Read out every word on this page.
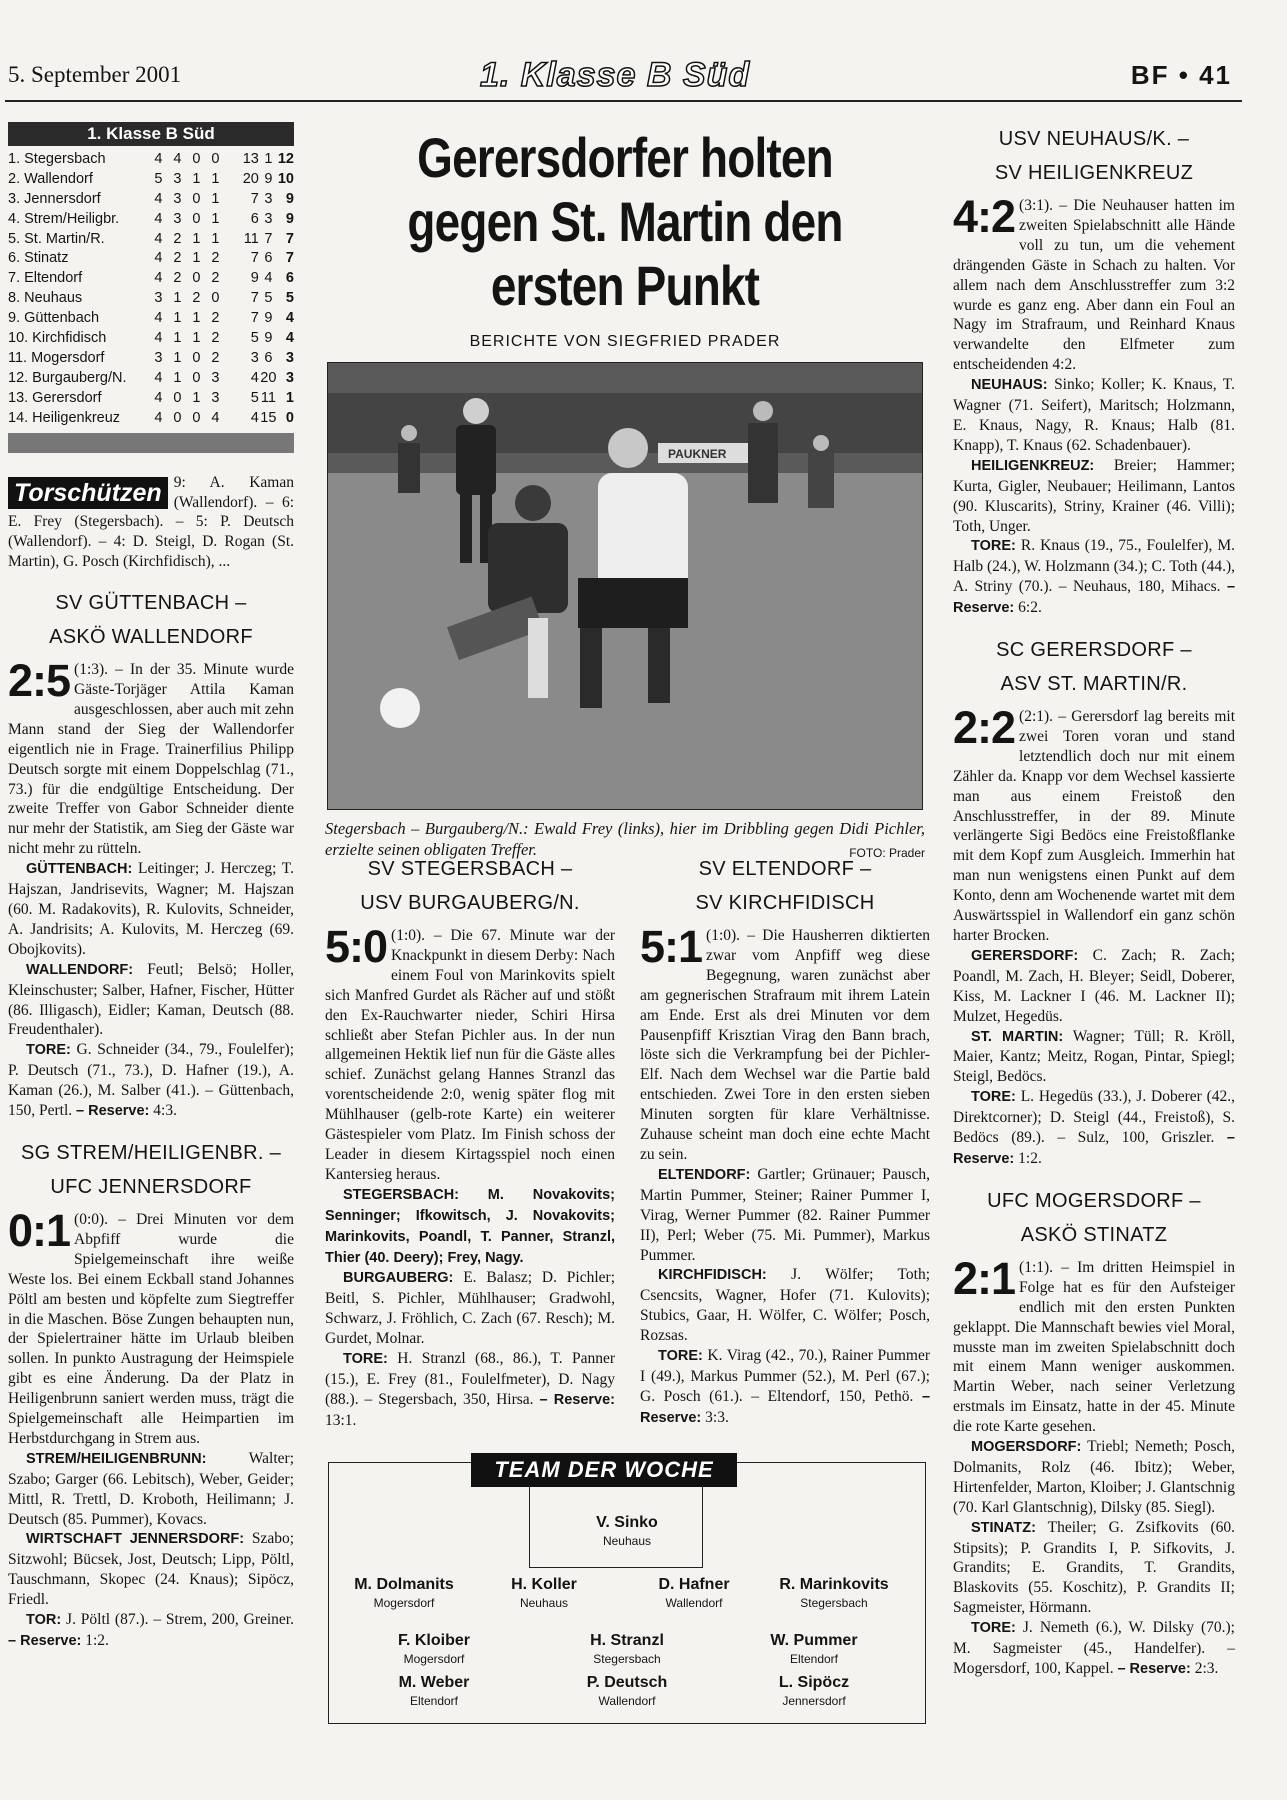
5. September 2001	1. Klasse B Süd	BF • 41
1. Klasse B Süd
1. Stegersbach	4	4	0	0	13	1	12
2. Wallendorf	5	3	1	1	20	9	10
3. Jennersdorf	4	3	0	1	7	3	9
4. Strem/Heiligbr.	4	3	0	1	6	3	9
5. St. Martin/R.	4	2	1	1	11	7	7
6. Stinatz	4	2	1	2	7	6	7
7. Eltendorf	4	2	0	2	9	4	6
8. Neuhaus	3	1	2	0	7	5	5
9. Güttenbach	4	1	1	2	7	9	4
10. Kirchfidisch	4	1	1	2	5	9	4
11. Mogersdorf	3	1	0	2	3	6	3
12. Burgauberg/N.	4	1	0	3	4	20	3
13. Gerersdorf	4	0	1	3	5	11	1
14. Heiligenkreuz	4	0	0	4	4	15	0
Torschützen 9: A. Kaman (Wallendorf). – 6: E. Frey (Stegersbach). – 5: P. Deutsch (Wallendorf). – 4: D. Steigl, D. Rogan (St. Martin), G. Posch (Kirchfidisch), ...
SV GÜTTENBACH –
ASKÖ WALLENDORF

2:5 (1:3). – In der 35. Minute wurde Gäste-Torjäger Attila Kaman ausgeschlossen, aber auch mit zehn Mann stand der Sieg der Wallendorfer eigentlich nie in Frage. Trainerfilius Philipp Deutsch sorgte mit einem Doppelschlag (71., 73.) für die endgültige Entscheidung. Der zweite Treffer von Gabor Schneider diente nur mehr der Statistik, am Sieg der Gäste war nicht mehr zu rütteln.

GÜTTENBACH: Leitinger; J. Herczeg; T. Hajszan, Jandrisevits, Wagner; M. Hajszan (60. M. Radakovits), R. Kulovits, Schneider, A. Jandrisits; A. Kulovits, M. Herczeg (69. Obojkovits).

WALLENDORF: Feutl; Belsö; Holler, Kleinschuster; Salber, Hafner, Fischer, Hütter (86. Illigasch), Eidler; Kaman, Deutsch (88. Freudenthaler).

TORE: G. Schneider (34., 79., Foulelfer); P. Deutsch (71., 73.), D. Hafner (19.), A. Kaman (26.), M. Salber (41.). – Güttenbach, 150, Pertl. – Reserve: 4:3.

SG STREM/HEILIGENBR. –
UFC JENNERSDORF

0:1 (0:0). – Drei Minuten vor dem Abpfiff wurde die Spielgemeinschaft ihre weiße Weste los. Bei einem Eckball stand Johannes Pöltl am besten und köpfelte zum Siegtreffer in die Maschen. Böse Zungen behaupten nun, der Spielertrainer hätte im Urlaub bleiben sollen. In punkto Austragung der Heimspiele gibt es eine Änderung. Da der Platz in Heiligenbrunn saniert werden muss, trägt die Spielgemeinschaft alle Heimpartien im Herbstdurchgang in Strem aus.

STREM/HEILIGENBRUNN:	Walter; Szabo; Garger (66. Lebitsch), Weber, Geider; Mittl, R. Trettl, D. Kroboth, Heilimann; J. Deutsch (85. Pummer), Kovacs.

WIRTSCHAFT JENNERSDORF: Szabo; Sitzwohl; Bücsek, Jost, Deutsch; Lipp, Pöltl, Tauschmann, Skopec (24. Knaus); Sipöcz, Friedl.

TOR: J. Pöltl (87.). – Strem, 200, Greiner. – Reserve: 1:2.

Gerersdorfer holten gegen St. Martin den ersten Punkt
BERICHTE VON SIEGFRIED PRADER
PAUKNER
Stegersbach – Burgauberg/N.: Ewald Frey (links), hier im Dribbling gegen Didi Pichler, erzielte seinen obligaten Treffer.	FOTO: Prader
SV STEGERSBACH –
USV BURGAUBERG/N.

5:0 (1:0). – Die 67. Minute war der Knackpunkt in diesem Derby: Nach einem Foul von Marinkovits spielt sich Manfred Gurdet als Rächer auf und stößt den Ex-Rauchwarter nieder, Schiri Hirsa schließt aber Stefan Pichler aus. In der nun allgemeinen Hektik lief nun für die Gäste alles schief. Zunächst gelang Hannes Stranzl das vorentscheidende 2:0, wenig später flog mit Mühlhauser (gelb-rote Karte) ein weiterer Gästespieler vom Platz. Im Finish schoss der Leader in diesem Kirtagsspiel noch einen Kantersieg heraus.

STEGERSBACH: M. Novakovits; Senninger; Ifkowitsch, J. Novakovits; Marinkovits, Poandl, T. Panner, Stranzl, Thier (40. Deery); Frey, Nagy.

BURGAUBERG: E. Balasz; D. Pichler; Beitl, S. Pichler, Mühlhauser; Gradwohl, Schwarz, J. Fröhlich, C. Zach (67. Resch); M. Gurdet, Molnar.

TORE: H. Stranzl (68., 86.), T. Panner (15.), E. Frey (81., Foulelfmeter), D. Nagy (88.). – Stegersbach, 350, Hirsa. – Reserve: 13:1.

SV ELTENDORF –
SV KIRCHFIDISCH

5:1 (1:0). – Die Hausherren diktierten zwar vom Anpfiff weg diese Begegnung, waren zunächst aber am gegnerischen Strafraum mit ihrem Latein am Ende. Erst als drei Minuten vor dem Pausenpfiff Krisztian Virag den Bann brach, löste sich die Verkrampfung bei der Pichler-Elf. Nach dem Wechsel war die Partie bald entschieden. Zwei Tore in den ersten sieben Minuten sorgten für klare Verhältnisse. Zuhause scheint man doch eine echte Macht zu sein.

ELTENDORF: Gartler; Grünauer; Pausch, Martin Pummer, Steiner; Rainer Pummer I, Virag, Werner Pummer (82. Rainer Pummer II), Perl; Weber (75. Mi. Pummer), Markus Pummer.

KIRCHFIDISCH: J. Wölfer; Toth; Csencsits, Wagner, Hofer (71. Kulovits); Stubics, Gaar, H. Wölfer, C. Wölfer; Posch, Rozsas.

TORE: K. Virag (42., 70.), Rainer Pummer I (49.), Markus Pummer (52.), M. Perl (67.); G. Posch (61.). – Eltendorf, 150, Pethö. – Reserve: 3:3.

TEAM DER WOCHE
V. Sinko
Neuhaus
M. Dolmanits
Mogersdorf
H. Koller
Neuhaus
D. Hafner
Wallendorf
R. Marinkovits
Stegersbach
F. Kloiber
Mogersdorf
H. Stranzl
Stegersbach
W. Pummer
Eltendorf
M. Weber
Eltendorf
P. Deutsch
Wallendorf
L. Sipöcz
Jennersdorf
USV NEUHAUS/K. –
SV HEILIGENKREUZ

4:2 (3:1). – Die Neuhauser hatten im zweiten Spielabschnitt alle Hände voll zu tun, um die vehement drängenden Gäste in Schach zu halten. Vor allem nach dem Anschlusstreffer zum 3:2 wurde es ganz eng. Aber dann ein Foul an Nagy im Strafraum, und Reinhard Knaus verwandelte den Elfmeter zum entscheidenden 4:2.

NEUHAUS: Sinko; Koller; K. Knaus, T. Wagner (71. Seifert), Maritsch; Holzmann, E. Knaus, Nagy, R. Knaus; Halb (81. Knapp), T. Knaus (62. Schadenbauer).

HEILIGENKREUZ: Breier; Hammer; Kurta, Gigler, Neubauer; Heilimann, Lantos (90. Kluscarits), Striny, Krainer (46. Villi); Toth, Unger.

TORE: R. Knaus (19., 75., Foulelfer), M. Halb (24.), W. Holzmann (34.); C. Toth (44.), A. Striny (70.). – Neuhaus, 180, Mihacs. – Reserve: 6:2.

SC GERERSDORF –
ASV ST. MARTIN/R.

2:2 (2:1). – Gerersdorf lag bereits mit zwei Toren voran und stand letztendlich doch nur mit einem Zähler da. Knapp vor dem Wechsel kassierte man aus einem Freistoß den Anschlusstreffer, in der 89. Minute verlängerte Sigi Bedöcs eine Freistoßflanke mit dem Kopf zum Ausgleich. Immerhin hat man nun wenigstens einen Punkt auf dem Konto, denn am Wochenende wartet mit dem Auswärtsspiel in Wallendorf ein ganz schön harter Brocken.

GERERSDORF: C. Zach; R. Zach; Poandl, M. Zach, H. Bleyer; Seidl, Doberer, Kiss, M. Lackner I (46. M. Lackner II); Mulzet, Hegedüs.

ST. MARTIN: Wagner; Tüll; R. Kröll, Maier, Kantz; Meitz, Rogan, Pintar, Spiegl; Steigl, Bedöcs.

TORE: L. Hegedüs (33.), J. Doberer (42., Direktcorner); D. Steigl (44., Freistoß), S. Bedöcs (89.). – Sulz, 100, Griszler. – Reserve: 1:2.

UFC MOGERSDORF –
ASKÖ STINATZ

2:1 (1:1). – Im dritten Heimspiel in Folge hat es für den Aufsteiger endlich mit den ersten Punkten geklappt. Die Mannschaft bewies viel Moral, musste man im zweiten Spielabschnitt doch mit einem Mann weniger auskommen. Martin Weber, nach seiner Verletzung erstmals im Einsatz, hatte in der 45. Minute die rote Karte gesehen.

MOGERSDORF: Triebl; Nemeth; Posch, Dolmanits, Rolz (46. Ibitz); Weber, Hirtenfelder, Marton, Kloiber; J. Glantschnig (70. Karl Glantschnig), Dilsky (85. Siegl).

STINATZ: Theiler; G. Zsifkovits (60. Stipsits); P. Grandits I, P. Sifkovits, J. Grandits; E. Grandits, T. Grandits, Blaskovits (55. Koschitz), P. Grandits II; Sagmeister, Hörmann.

TORE: J. Nemeth (6.), W. Dilsky (70.); M. Sagmeister (45., Handelfer). – Mogersdorf, 100, Kappel. – Reserve: 2:3.
